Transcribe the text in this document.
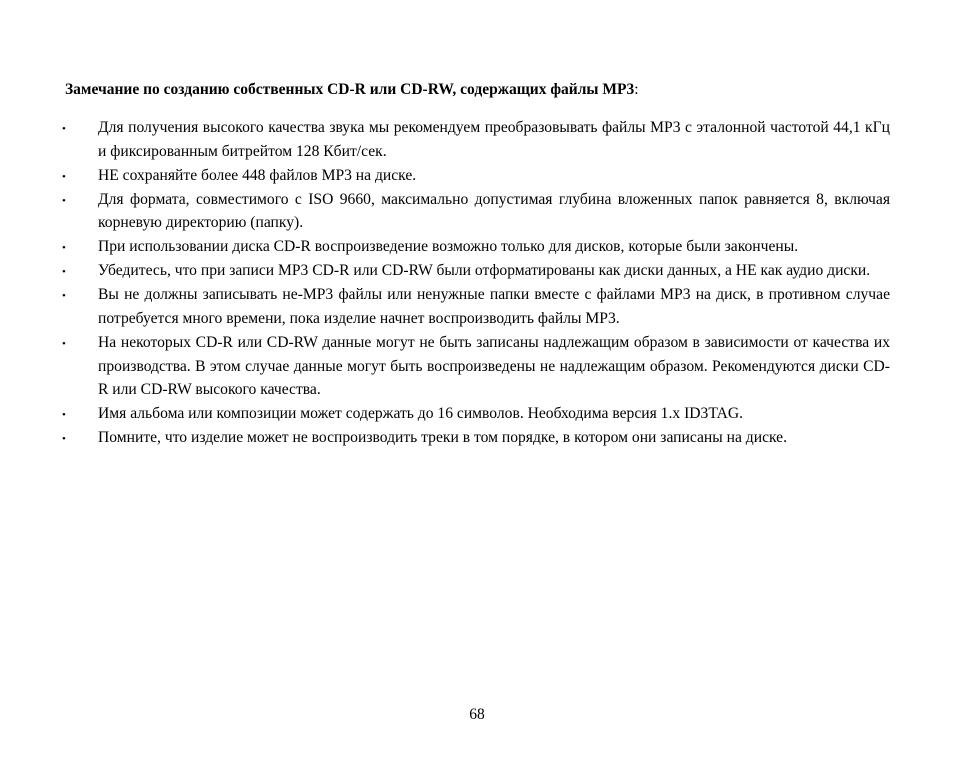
Замечание по созданию собственных CD-R или CD-RW, содержащих файлы MP3:
• Для получения высокого качества звука мы рекомендуем преобразовывать файлы MP3 с эталонной частотой 44,1 кГц и фиксированным битрейтом 128 Кбит/сек.
• НЕ сохраняйте более 448 файлов MP3 на диске.
• Для формата, совместимого с ISO 9660, максимально допустимая глубина вложенных папок равняется 8, включая корневую директорию (папку).
• При использовании диска CD-R воспроизведение возможно только для дисков, которые были закончены.
• Убедитесь, что при записи MP3 CD-R или CD-RW были отформатированы как диски данных, а НЕ как аудио диски.
• Вы не должны записывать не-MP3 файлы или ненужные папки вместе с файлами MP3 на диск, в противном случае потребуется много времени, пока изделие начнет воспроизводить файлы MP3.
• На некоторых CD-R или CD-RW данные могут не быть записаны надлежащим образом в зависимости от качества их производства. В этом случае данные могут быть воспроизведены не надлежащим образом. Рекомендуются диски CD-R или CD-RW высокого качества.
• Имя альбома или композиции может содержать до 16 символов. Необходима версия 1.x ID3TAG.
• Помните, что изделие может не воспроизводить треки в том порядке, в котором они записаны на диске.
68
